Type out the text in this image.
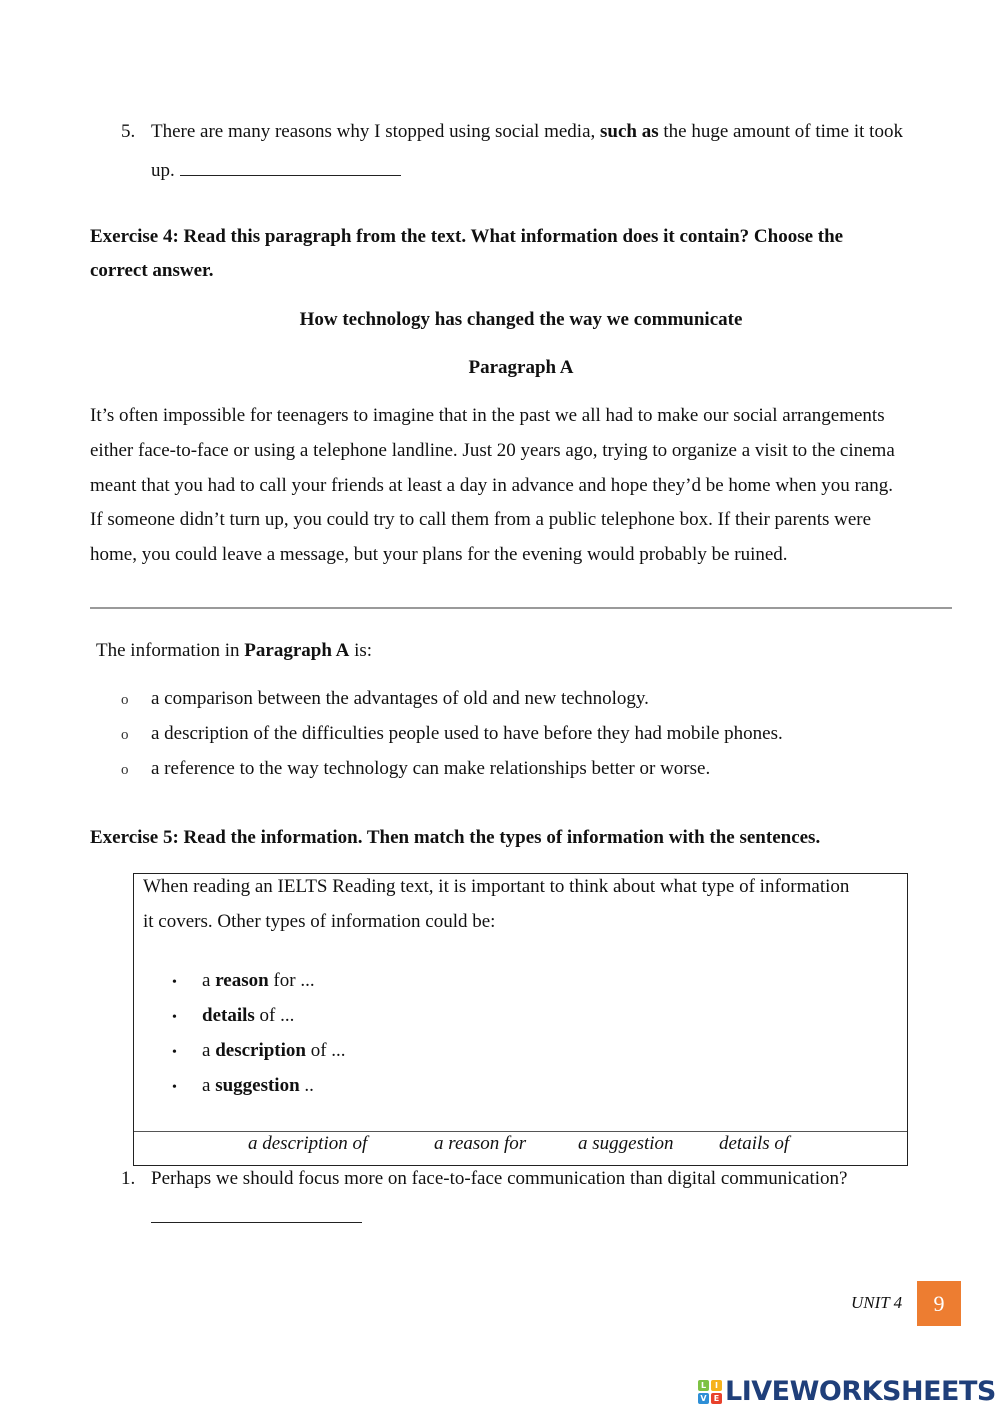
5. There are many reasons why I stopped using social media, such as the huge amount of time it took
up.
Exercise 4: Read this paragraph from the text. What information does it contain? Choose the
correct answer.
How technology has changed the way we communicate
Paragraph A
It’s often impossible for teenagers to imagine that in the past we all had to make our social arrangements
either face-to-face or using a telephone landline. Just 20 years ago, trying to organize a visit to the cinema
meant that you had to call your friends at least a day in advance and hope they’d be home when you rang.
If someone didn’t turn up, you could try to call them from a public telephone box. If their parents were
home, you could leave a message, but your plans for the evening would probably be ruined.
The information in Paragraph A is:
o a comparison between the advantages of old and new technology.
o a description of the difficulties people used to have before they had mobile phones.
o a reference to the way technology can make relationships better or worse.
Exercise 5: Read the information. Then match the types of information with the sentences.
When reading an IELTS Reading text, it is important to think about what type of information
it covers. Other types of information could be:
• a reason for ...
• details of ...
• a description of ...
• a suggestion ..
a description of	a reason for	a suggestion details of
1. Perhaps we should focus more on face-to-face communication than digital communication?
UNIT 4	9
L	I
V E LIVEWORKSHEETS
